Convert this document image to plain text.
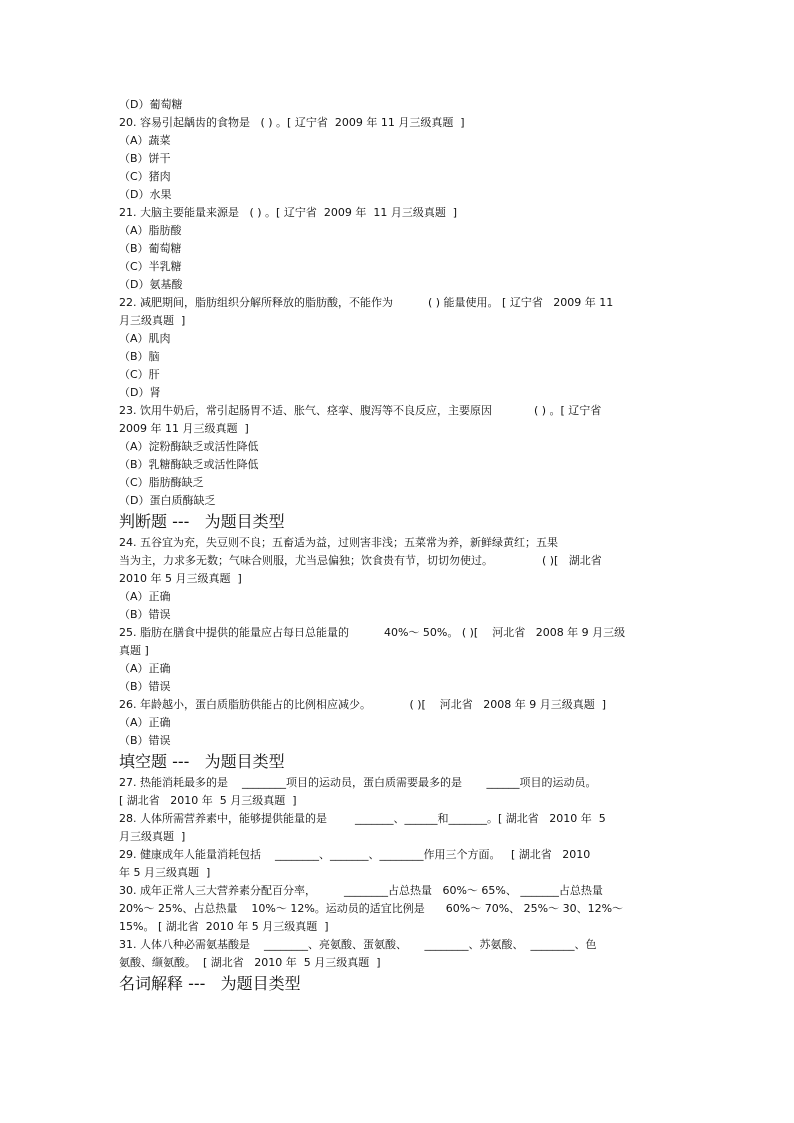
（D）葡萄糖
20. 容易引起龋齿的食物是   ( ) 。[ 辽宁省  2009 年 11 月三级真题  ]
（A）蔬菜
（B）饼干
（C）猪肉
（D）水果
21. 大脑主要能量来源是   ( ) 。[ 辽宁省  2009 年  11 月三级真题  ]
（A）脂肪酸
（B）葡萄糖
（C）半乳糖
（D）氨基酸
22. 减肥期间，脂肪组织分解所释放的脂肪酸，不能作为          ( ) 能量使用。 [ 辽宁省   2009 年 11
月三级真题  ]
（A）肌肉
（B）脑
（C）肝
（D）肾
23. 饮用牛奶后，常引起肠胃不适、胀气、痉挛、腹泻等不良反应，主要原因            ( ) 。[ 辽宁省
2009 年 11 月三级真题  ]
（A）淀粉酶缺乏或活性降低
（B）乳糖酶缺乏或活性降低
（C）脂肪酶缺乏
（D）蛋白质酶缺乏
判断题 ---   为题目类型
24. 五谷宜为充，失豆则不良；五畜适为益，过则害非浅；五菜常为养，新鲜绿黄红；五果
当为主，力求多无数；气味合则服，尤当忌偏独；饮食贵有节，切切勿使过。              ( )[   湖北省
2010 年 5 月三级真题  ]
（A）正确
（B）错误
25. 脂肪在膳食中提供的能量应占每日总能量的          40%～ 50%。 ( )[    河北省   2008 年 9 月三级
真题 ]
（A）正确
（B）错误
26. 年龄越小，蛋白质脂肪供能占的比例相应减少。           ( )[    河北省   2008 年 9 月三级真题  ]
（A）正确
（B）错误
填空题 ---   为题目类型
27. 热能消耗最多的是    ________项目的运动员，蛋白质需要最多的是       ______项目的运动员。
[ 湖北省   2010 年  5 月三级真题  ]
28. 人体所需营养素中，能够提供能量的是        _______、______和_______。[ 湖北省   2010 年  5
月三级真题  ]
29. 健康成年人能量消耗包括    ________、_______、________作用三个方面。   [ 湖北省   2010
年 5 月三级真题  ]
30. 成年正常人三大营养素分配百分率，        ________占总热量   60%～ 65%、 _______占总热量
20%～ 25%、占总热量    10%～ 12%。运动员的适宜比例是      60%～ 70%、 25%～ 30、12%～
15%。 [ 湖北省  2010 年 5 月三级真题  ]
31. 人体八种必需氨基酸是    ________、亮氨酸、蛋氨酸、     ________、苏氨酸、  ________、色
氨酸、缬氨酸。  [ 湖北省   2010 年  5 月三级真题  ]
名词解释 ---   为题目类型
